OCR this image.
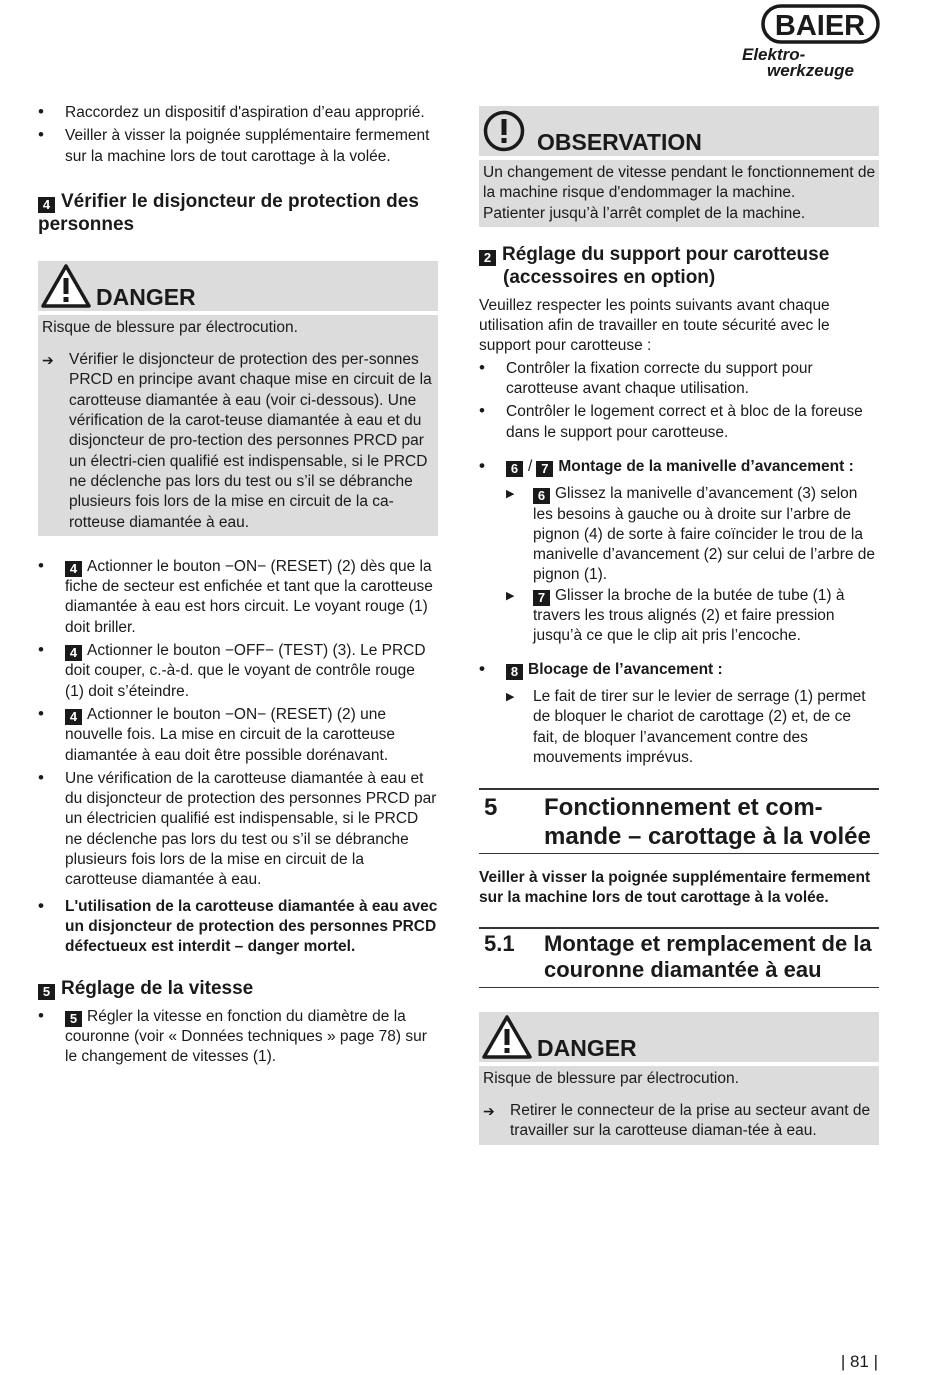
BAIER
Elektro-
werkzeuge

• Raccordez un dispositif d'aspiration d’eau approprié.

• Veiller à visser la poignée supplémentaire fermement sur la machine lors de tout carottage à la volée.

4 Vérifier le disjoncteur de protection des personnes
DANGER

Risque de blessure par électrocution.

➔ Vérifier le disjoncteur de protection des per-sonnes PRCD en principe avant chaque mise en circuit de la carotteuse diamantée à eau (voir ci-dessous). Une vérification de la carot-teuse diamantée à eau et du disjoncteur de pro-tection des personnes PRCD par un électri-cien qualifié est indispensable, si le PRCD ne déclenche pas lors du test ou s’il se débranche plusieurs fois lors de la mise en circuit de la ca-rotteuse diamantée à eau.

• 4 Actionner le bouton −ON− (RESET) (2) dès que la fiche de secteur est enfichée et tant que la carotteuse diamantée à eau est hors circuit. Le voyant rouge (1) doit briller.

• 4 Actionner le bouton −OFF− (TEST) (3). Le PRCD doit couper, c.-à-d. que le voyant de contrôle rouge (1) doit s’éteindre.

• 4 Actionner le bouton −ON− (RESET) (2) une nouvelle fois. La mise en circuit de la carotteuse diamantée à eau doit être possible dorénavant.

• Une vérification de la carotteuse diamantée à eau et du disjoncteur de protection des personnes PRCD par un électricien qualifié est indispensable, si le PRCD ne déclenche pas lors du test ou s’il se débranche plusieurs fois lors de la mise en circuit de la carotteuse diamantée à eau.

• L'utilisation de la carotteuse diamantée à eau avec un disjoncteur de protection des personnes PRCD défectueux est interdit – danger mortel.

5 Réglage de la vitesse

• 5 Régler la vitesse en fonction du diamètre de la couronne (voir « Données techniques » page 78) sur le changement de vitesses (1).

OBSERVATION

Un changement de vitesse pendant le fonctionnement de la machine risque d'endommager la machine.

Patienter jusqu’à l’arrêt complet de la machine.

2 Réglage du support pour carotteuse (accessoires en option)

Veuillez respecter les points suivants avant chaque utilisation afin de travailler en toute sécurité avec le support pour carotteuse :

• Contrôler la fixation correcte du support pour carotteuse avant chaque utilisation.

• Contrôler le logement correct et à bloc de la foreuse dans le support pour carotteuse.

• 6 / 7 Montage de la manivelle d’avancement :

▶ 6 Glissez la manivelle d’avancement (3) selon les besoins à gauche ou à droite sur l’arbre de pignon (4) de sorte à faire coïncider le trou de la manivelle d’avancement (2) sur celui de l’arbre de pignon (1).

▶ 7 Glisser la broche de la butée de tube (1) à travers les trous alignés (2) et faire pression jusqu’à ce que le clip ait pris l’encoche.

• 8 Blocage de l’avancement :

▶ Le fait de tirer sur le levier de serrage (1) permet de bloquer le chariot de carottage (2) et, de ce fait, de bloquer l’avancement contre des mouvements imprévus.

5	Fonctionnement et com-mande – carottage à la volée

Veiller à visser la poignée supplémentaire fermement sur la machine lors de tout carottage à la volée.

5.1	Montage et remplacement de la couronne diamantée à eau
DANGER

Risque de blessure par électrocution.

➔ Retirer le connecteur de la prise au secteur avant de travailler sur la carotteuse diaman-tée à eau.

| 81 |
